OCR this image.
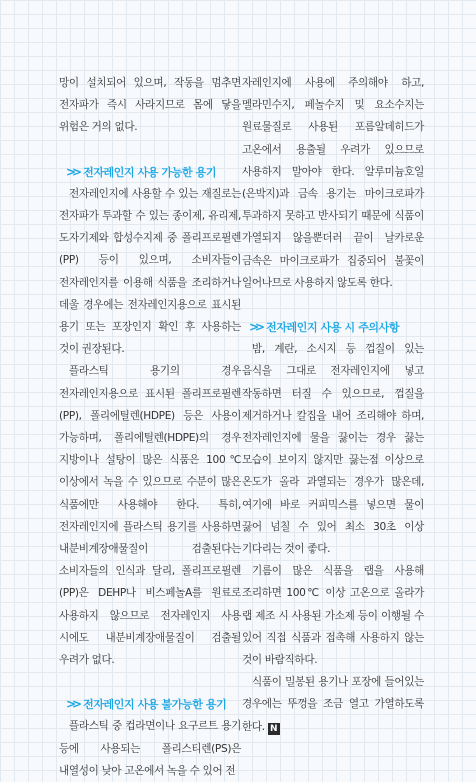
망이 설치되어 있으며, 작동을 멈추면 전자파가 즉시 사라지므로 몸에 닿을 위험은 거의 없다.

>> 전자레인지 사용 가능한 용기

전자레인지에 사용할 수 있는 재질로는 전자파가 투과할 수 있는 종이제, 유리제, 도자기제와 합성수지제 중 폴리프로필렌(PP) 등이 있으며, 소비자들이 전자레인지를 이용해 식품을 조리하거나 데울 경우에는 전자레인지용으로 표시된 용기 또는 포장인지 확인 후 사용하는 것이 권장된다.

플라스틱 용기의 경우 전자레인지용으로 표시된 폴리프로필렌(PP), 폴리에틸렌(HDPE) 등은 사용이 가능하며, 폴리에틸렌(HDPE)의 경우 지방이나 설탕이 많은 식품은 100℃ 이상에서 녹을 수 있으므로 수분이 많은 식품에만 사용해야 한다. 특히, 전자레인지에 플라스틱 용기를 사용하면 내분비계장애물질이 검출된다는 소비자들의 인식과 달리, 폴리프로필렌(PP)은 DEHP나 비스페놀A를 원료로 사용하지 않으므로 전자레인지 사용 시에도 내분비계장애물질이 검출될 우려가 없다.

>> 전자레인지 사용 불가능한 용기

플라스틱 중 컵라면이나 요구르트 용기 등에 사용되는 폴리스티렌(PS)은 내열성이 낮아 고온에서 녹을 수 있어 전

자레인지에 사용에 주의해야 하고, 멜라민수지, 페놀수지 및 요소수지는 원료물질로 사용된 포름알데히드가 고온에서 용출될 우려가 있으므로 사용하지 말아야 한다. 알루미늄호일(은박지)과 금속 용기는 마이크로파가 투과하지 못하고 반사되기 때문에 식품이 가열되지 않을뿐더러 끝이 날카로운 금속은 마이크로파가 집중되어 불꽃이 일어나므로 사용하지 않도록 한다.

>> 전자레인지 사용 시 주의사항

밤, 계란, 소시지 등 껍질이 있는 음식을 그대로 전자레인지에 넣고 작동하면 터질 수 있으므로, 껍질을 제거하거나 칼집을 내어 조리해야 하며, 전자레인지에 물을 끓이는 경우 끓는 모습이 보이지 않지만 끓는점 이상으로 온도가 올라 과열되는 경우가 많은데, 여기에 바로 커피믹스를 넣으면 물이 끓어 넘칠 수 있어 최소 30초 이상 기다리는 것이 좋다.

기름이 많은 식품을 랩을 사용해 조리하면 100℃ 이상 고온으로 올라가 랩 제조 시 사용된 가소제 등이 이행될 수 있어 직접 식품과 접촉해 사용하지 않는 것이 바람직하다.

식품이 밀봉된 용기나 포장에 들어있는 경우에는 뚜껑을 조금 열고 가열하도록 한다. N
